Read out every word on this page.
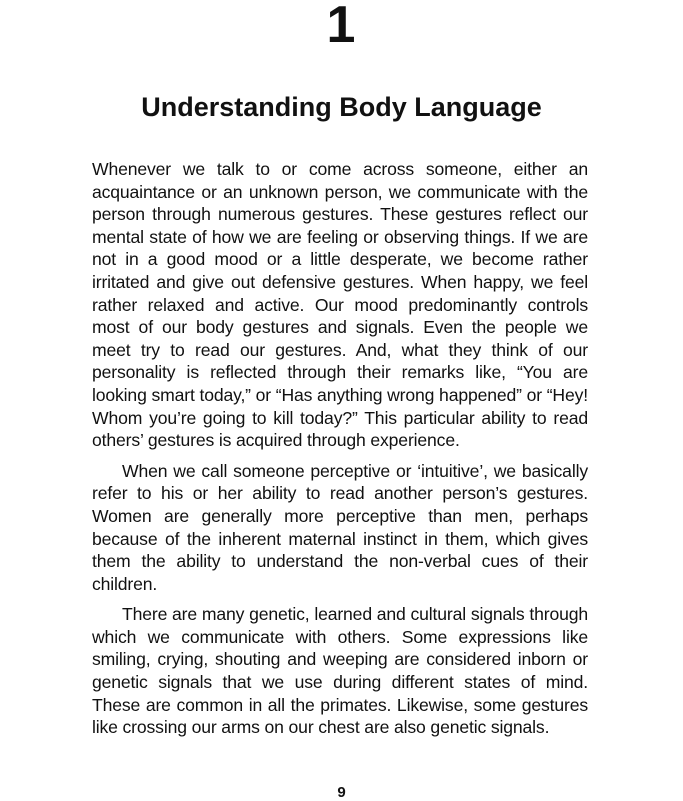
1
Understanding Body Language

Whenever we talk to or come across someone, either an acquaintance or an unknown person, we communicate with the person through numerous gestures. These gestures reflect our mental state of how we are feeling or observing things. If we are not in a good mood or a little desperate, we become rather irritated and give out defensive gestures. When happy, we feel rather relaxed and active. Our mood predominantly controls most of our body gestures and signals. Even the people we meet try to read our gestures. And, what they think of our personality is reflected through their remarks like, “You are looking smart today,” or “Has anything wrong happened” or “Hey! Whom you’re going to kill today?” This particular ability to read others’ gestures is acquired through experience.

When we call someone perceptive or ‘intuitive’, we basically refer to his or her ability to read another person’s gestures. Women are generally more perceptive than men, perhaps because of the inherent maternal instinct in them, which gives them the ability to understand the non-verbal cues of their children.

There are many genetic, learned and cultural signals through which we communicate with others. Some expressions like smiling, crying, shouting and weeping are considered inborn or genetic signals that we use during different states of mind. These are common in all the primates. Likewise, some gestures like crossing our arms on our chest are also genetic signals.

9
